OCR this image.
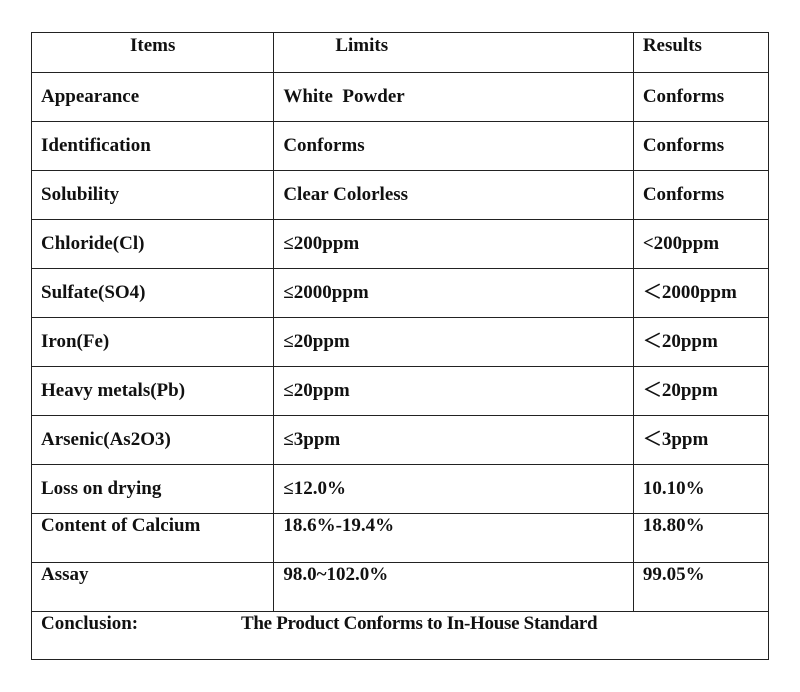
Items	Limits	Results
Appearance	White  Powder	Conforms
Identification	Conforms	Conforms
Solubility	Clear Colorless	Conforms
Chloride(Cl)	≤200ppm	<200ppm
Sulfate(SO4)	≤2000ppm	＜2000ppm
Iron(Fe)	≤20ppm	＜20ppm
Heavy metals(Pb)	≤20ppm	＜20ppm
Arsenic(As2O3)	≤3ppm	＜3ppm
Loss on drying	≤12.0%	10.10%
Content of Calcium	18.6%-19.4%	18.80%
Assay	98.0~102.0%	99.05%
Conclusion: The Product Conforms to In-House Standard		
